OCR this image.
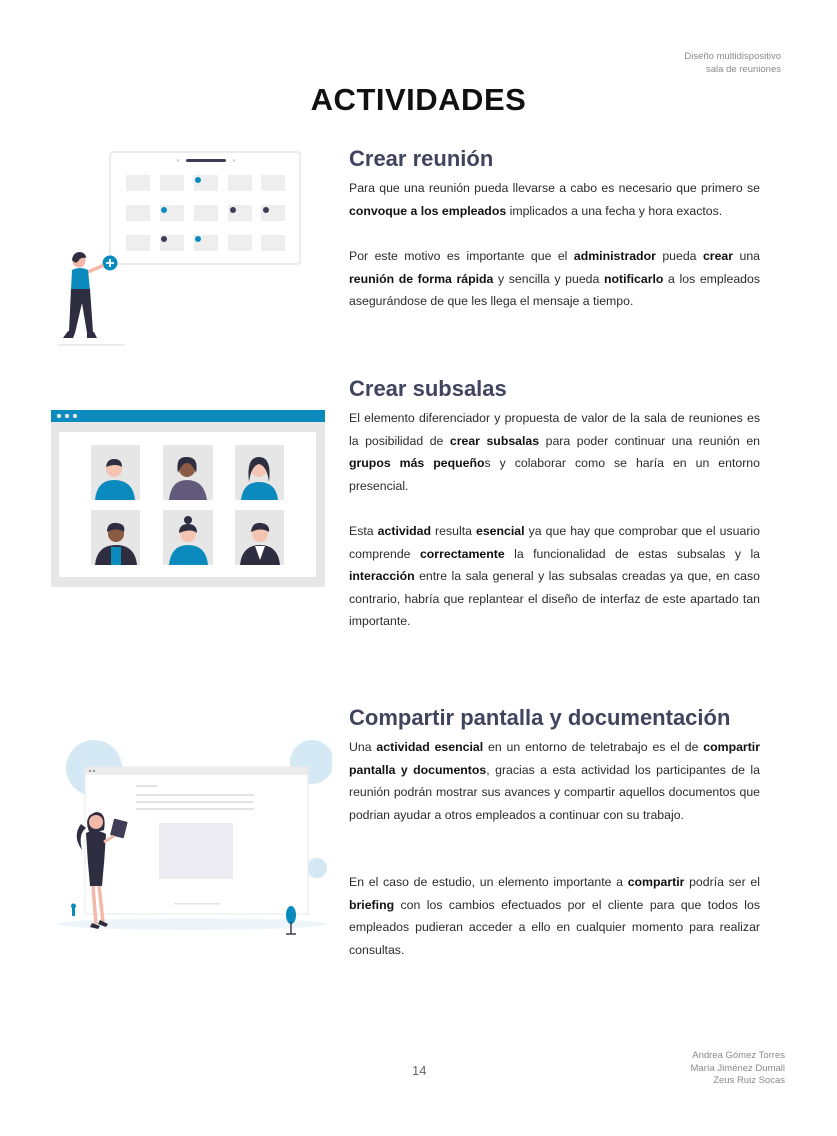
Diseño multidispositivo
sala de reuniones
ACTIVIDADES
Crear reunión

Para que una reunión pueda llevarse a cabo es necesario que primero se convoque a los empleados implicados a una fecha y hora exactos.

Por este motivo es importante que el administrador pueda crear una reunión de forma rápida y sencilla y pueda notificarlo a los empleados asegurándose de que les llega el mensaje a tiempo.

Crear subsalas

El elemento diferenciador y propuesta de valor de la sala de reuniones es la posibilidad de crear subsalas para poder continuar una reunión en grupos más pequeños y colaborar como se haría en un entorno presencial.

Esta actividad resulta esencial ya que hay que comprobar que el usuario comprende correctamente la funcionalidad de estas subsalas y la interacción entre la sala general y las subsalas creadas ya que, en caso contrario, habría que replantear el diseño de interfaz de este apartado tan importante.

Compartir pantalla y documentación

Una actividad esencial en un entorno de teletrabajo es el de compartir pantalla y documentos, gracias a esta actividad los participantes de la reunión podrán mostrar sus avances y compartir aquellos documentos que podrian ayudar a otros empleados a continuar con su trabajo.

En el caso de estudio, un elemento importante a compartir podría ser el briefing con los cambios efectuados por el cliente para que todos los empleados pudieran acceder a ello en cualquier momento para realizar consultas.

14
Andrea Gómez Torres
María Jiménez Dumall
Zeus Ruiz Socas
